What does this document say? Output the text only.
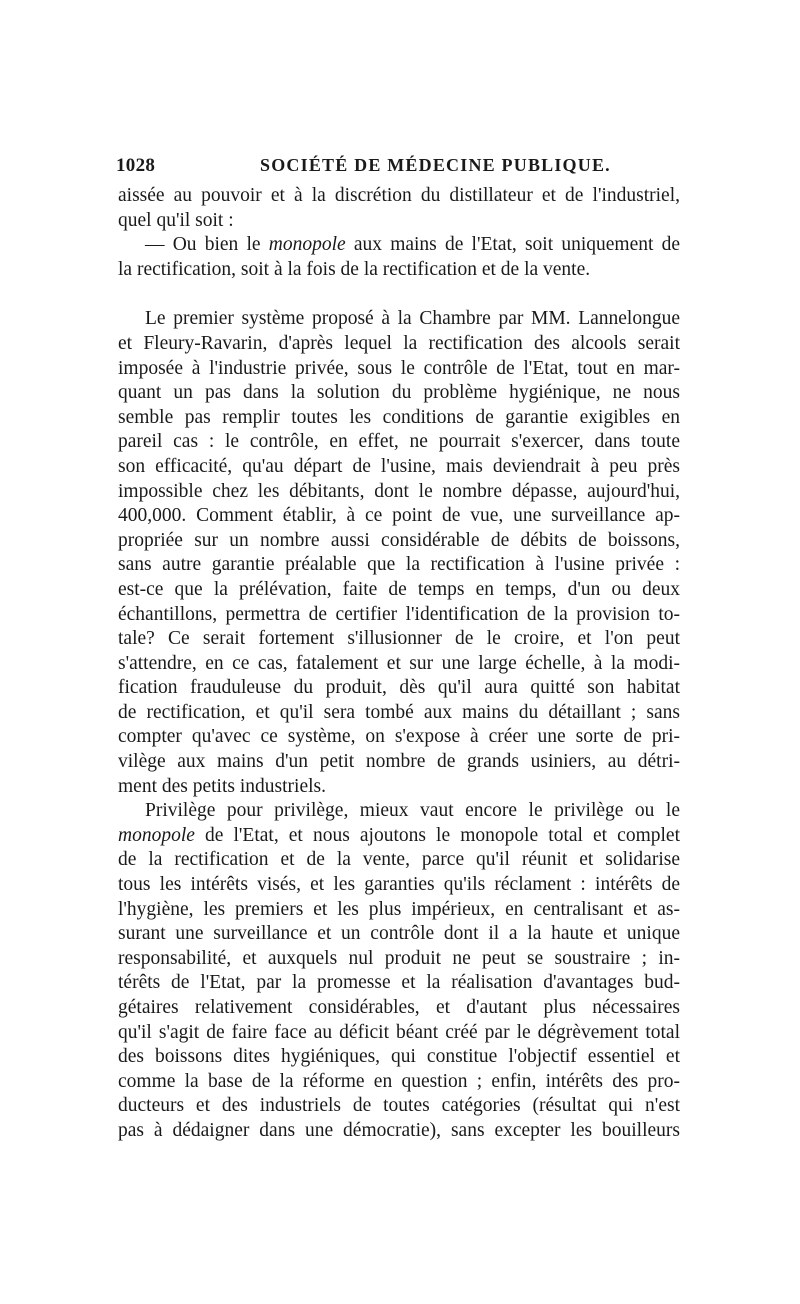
1028	SOCIÉTÉ DE MÉDECINE PUBLIQUE.
aissée au pouvoir et à la discrétion du distillateur et de l'industriel,
quel qu'il soit :
— Ou bien le monopole aux mains de l'Etat, soit uniquement de
la rectification, soit à la fois de la rectification et de la vente.
Le premier système proposé à la Chambre par MM. Lannelongue
et Fleury-Ravarin, d'après lequel la rectification des alcools serait
imposée à l'industrie privée, sous le contrôle de l'Etat, tout en mar-
quant un pas dans la solution du problème hygiénique, ne nous
semble pas remplir toutes les conditions de garantie exigibles en
pareil cas : le contrôle, en effet, ne pourrait s'exercer, dans toute
son efficacité, qu'au départ de l'usine, mais deviendrait à peu près
impossible chez les débitants, dont le nombre dépasse, aujourd'hui,
400,000. Comment établir, à ce point de vue, une surveillance ap-
propriée sur un nombre aussi considérable de débits de boissons,
sans autre garantie préalable que la rectification à l'usine privée :
est-ce que la prélévation, faite de temps en temps, d'un ou deux
échantillons, permettra de certifier l'identification de la provision to-
tale? Ce serait fortement s'illusionner de le croire, et l'on peut
s'attendre, en ce cas, fatalement et sur une large échelle, à la modi-
fication frauduleuse du produit, dès qu'il aura quitté son habitat
de rectification, et qu'il sera tombé aux mains du détaillant ; sans
compter qu'avec ce système, on s'expose à créer une sorte de pri-
vilège aux mains d'un petit nombre de grands usiniers, au détri-
ment des petits industriels.
Privilège pour privilège, mieux vaut encore le privilège ou le
monopole de l'Etat, et nous ajoutons le monopole total et complet
de la rectification et de la vente, parce qu'il réunit et solidarise
tous les intérêts visés, et les garanties qu'ils réclament : intérêts de
l'hygiène, les premiers et les plus impérieux, en centralisant et as-
surant une surveillance et un contrôle dont il a la haute et unique
responsabilité, et auxquels nul produit ne peut se soustraire ; in-
térêts de l'Etat, par la promesse et la réalisation d'avantages bud-
gétaires relativement considérables, et d'autant plus nécessaires
qu'il s'agit de faire face au déficit béant créé par le dégrèvement total
des boissons dites hygiéniques, qui constitue l'objectif essentiel et
comme la base de la réforme en question ; enfin, intérêts des pro-
ducteurs et des industriels de toutes catégories (résultat qui n'est
pas à dédaigner dans une démocratie), sans excepter les bouilleurs
